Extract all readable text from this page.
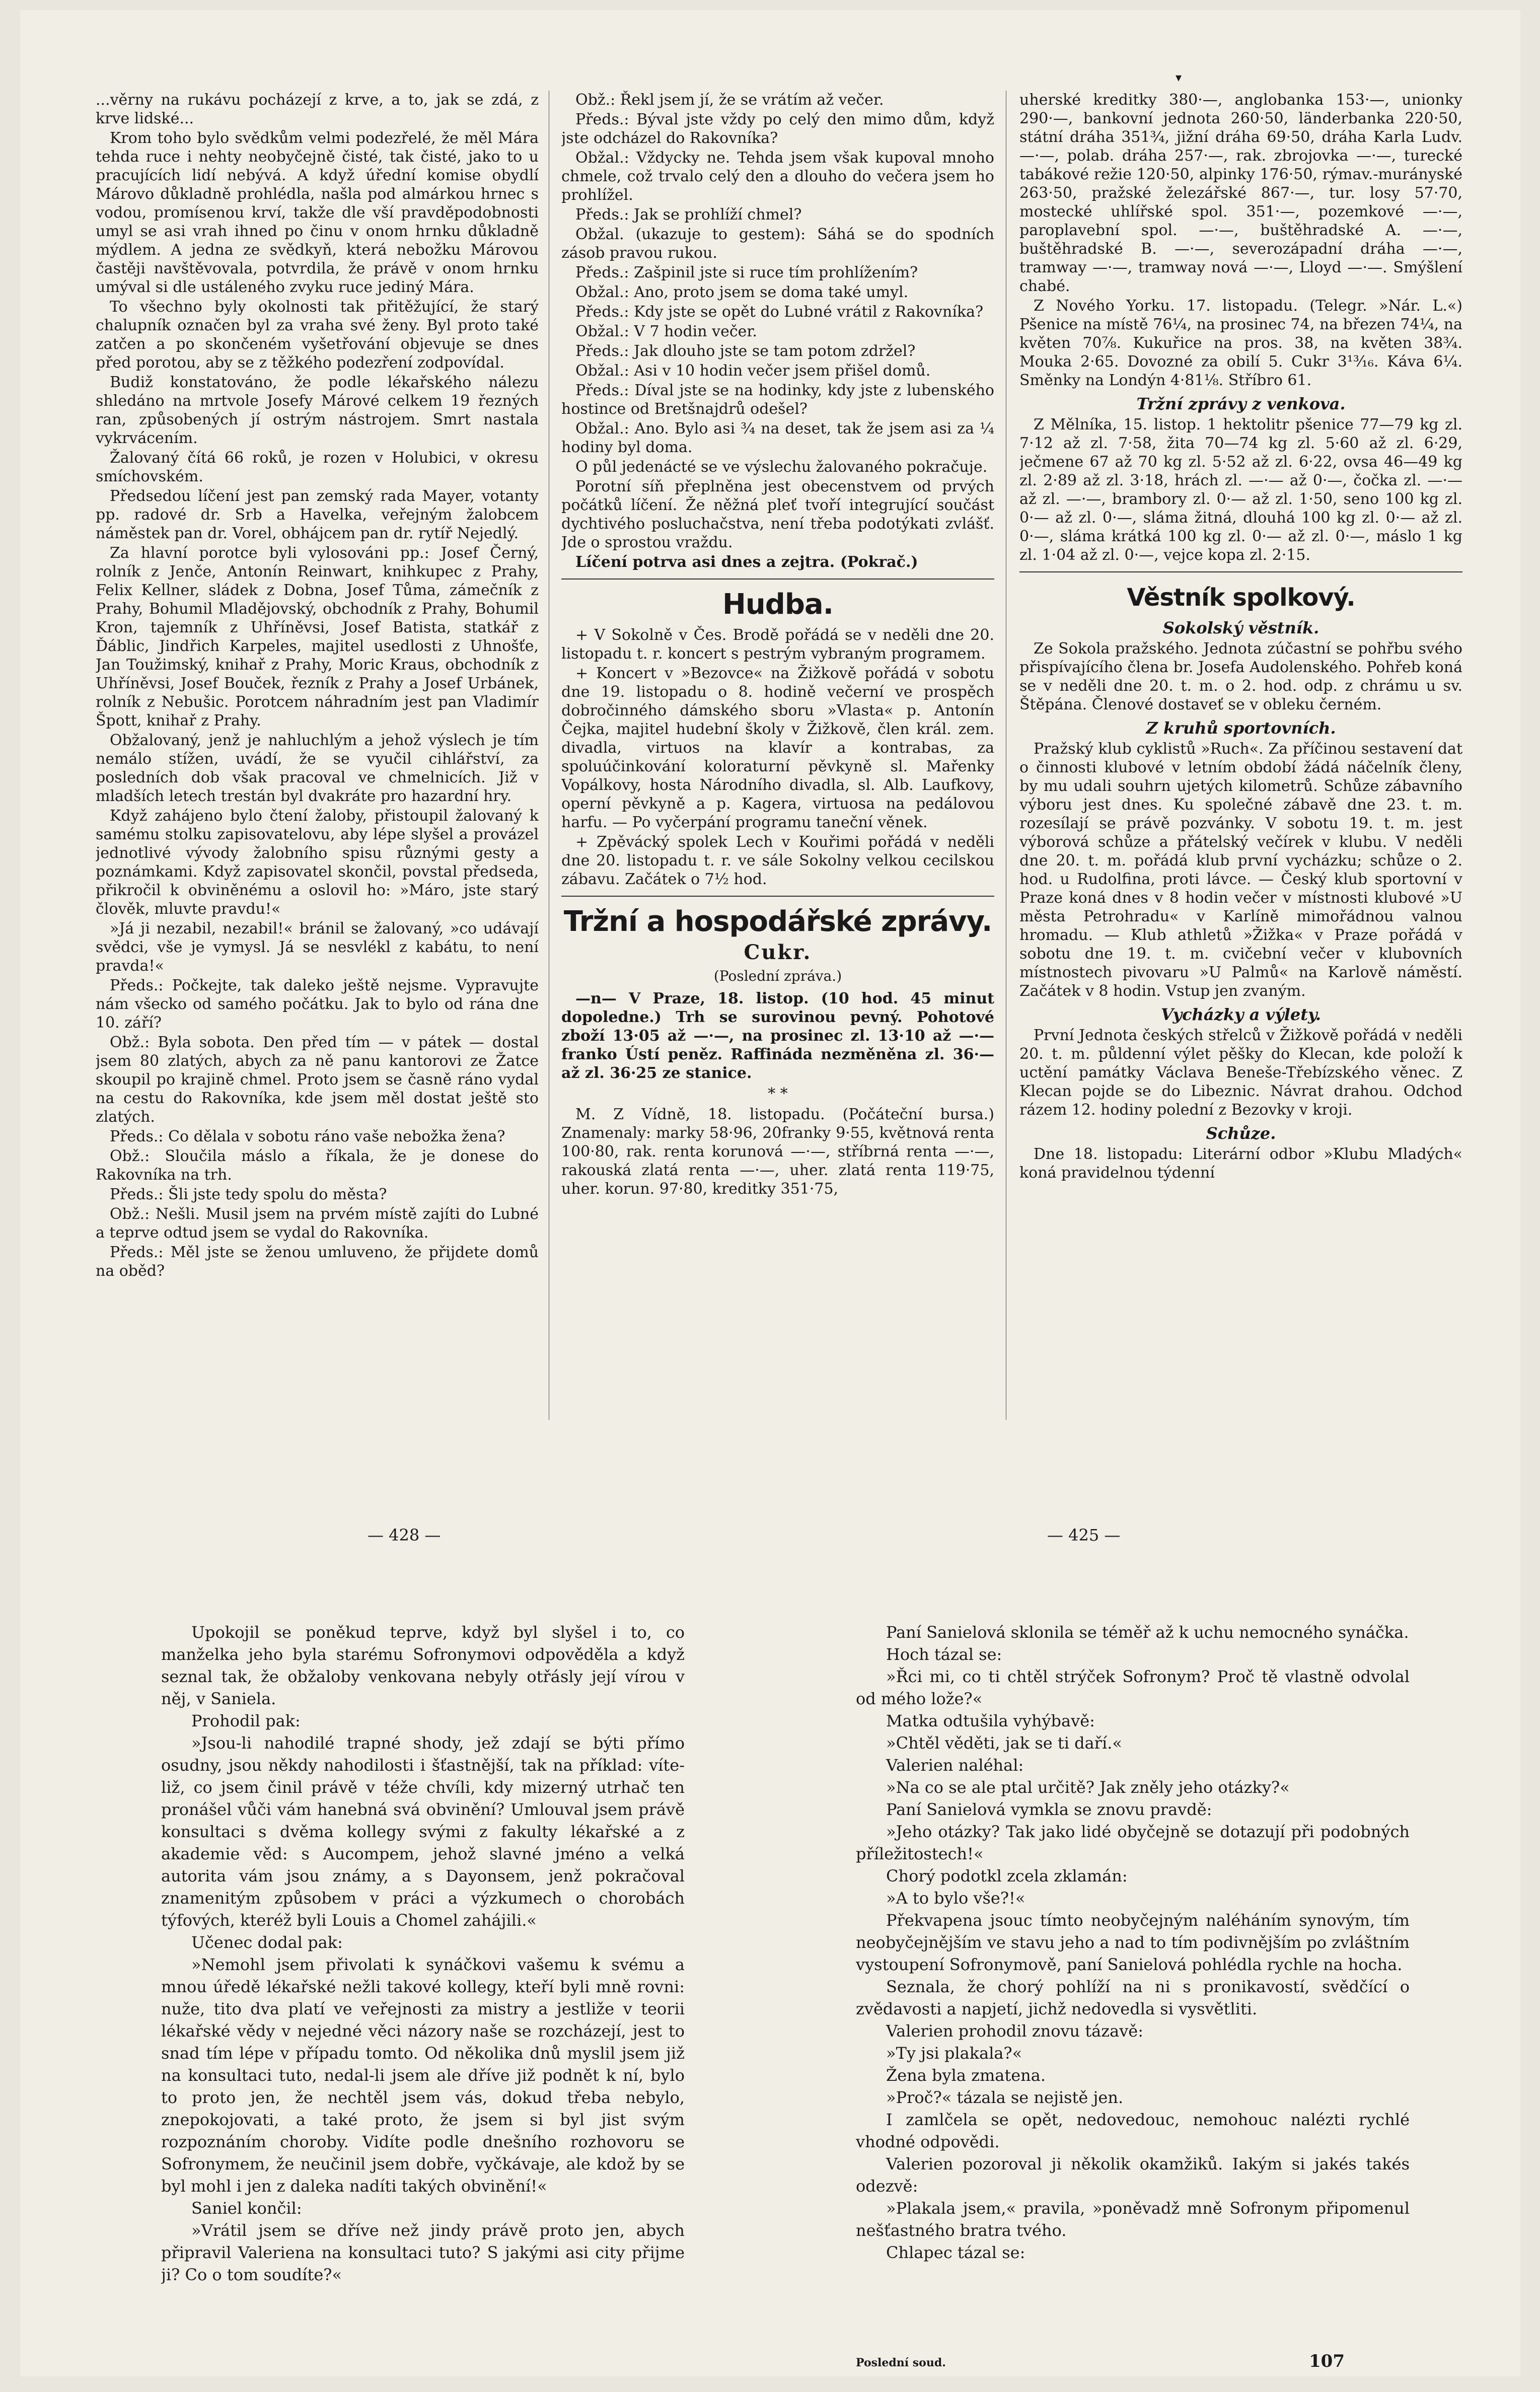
▾

...věrny na rukávu pocházejí z krve, a to, jak se zdá, z krve lidské...

Krom toho bylo svědkům velmi podezřelé, že měl Mára tehda ruce i nehty neobyčejně čisté, tak čisté, jako to u pracujících lidí nebývá. A když úřední komise obydlí Márovo důkladně prohlédla, našla pod almárkou hrnec s vodou, promísenou krví, takže dle vší pravděpodobnosti umyl se asi vrah ihned po činu v onom hrnku důkladně mýdlem. A jedna ze svědkyň, která nebožku Márovou častěji navštěvovala, potvrdila, že právě v onom hrnku umýval si dle ustáleného zvyku ruce jediný Mára.

To všechno byly okolnosti tak přitěžující, že starý chalupník označen byl za vraha své ženy. Byl proto také zatčen a po skončeném vyšetřování objevuje se dnes před porotou, aby se z těžkého podezření zodpovídal.

Budiž konstatováno, že podle lékařského nálezu shledáno na mrtvole Josefy Márové celkem 19 řezných ran, způsobených jí ostrým nástrojem. Smrt nastala vykrvácením.

Žalovaný čítá 66 roků, je rozen v Holubici, v okresu smíchovském.

Předsedou líčení jest pan zemský rada Mayer, votanty pp. radové dr. Srb a Havelka, veřejným žalobcem náměstek pan dr. Vorel, obhájcem pan dr. rytíř Nejedlý.

Za hlavní porotce byli vylosováni pp.: Josef Černý, rolník z Jenče, Antonín Reinwart, knihkupec z Prahy, Felix Kellner, sládek z Dobna, Josef Tůma, zámečník z Prahy, Bohumil Mladějovský, obchodník z Prahy, Bohumil Kron, tajemník z Uhříněvsi, Josef Batista, statkář z Ďáblic, Jindřich Karpeles, majitel usedlosti z Uhnošťe, Jan Toužimský, knihař z Prahy, Moric Kraus, obchodník z Uhříněvsi, Josef Bouček, řezník z Prahy a Josef Urbánek, rolník z Nebušic. Porotcem náhradním jest pan Vladimír Špott, knihař z Prahy.

Obžalovaný, jenž je nahluchlým a jehož výslech je tím nemálo stížen, uvádí, že se vyučil cihlářství, za posledních dob však pracoval ve chmelnicích. Již v mladších letech trestán byl dvakráte pro hazardní hry.

Když zahájeno bylo čtení žaloby, přistoupil žalovaný k samému stolku zapisovatelovu, aby lépe slyšel a provázel jednotlivé vývody žalobního spisu různými gesty a poznámkami. Když zapisovatel skončil, povstal předseda, přikročil k obviněnému a oslovil ho: »Máro, jste starý člověk, mluvte pravdu!«

»Já ji nezabil, nezabil!« bránil se žalovaný, »co udávají svědci, vše je vymysl. Já se nesvlékl z kabátu, to není pravda!«

Předs.: Počkejte, tak daleko ještě nejsme. Vypravujte nám všecko od samého počátku. Jak to bylo od rána dne 10. září?

Obž.: Byla sobota. Den před tím — v pátek — dostal jsem 80 zlatých, abych za ně panu kantorovi ze Žatce skoupil po krajině chmel. Proto jsem se časně ráno vydal na cestu do Rakovníka, kde jsem měl dostat ještě sto zlatých.

Předs.: Co dělala v sobotu ráno vaše nebožka žena?

Obž.: Sloučila máslo a říkala, že je donese do Rakovníka na trh.

Předs.: Šli jste tedy spolu do města?

Obž.: Nešli. Musil jsem na prvém místě zajíti do Lubné a teprve odtud jsem se vydal do Rakovníka.

Předs.: Měl jste se ženou umluveno, že přijdete domů na oběd?

Obž.: Řekl jsem jí, že se vrátím až večer.

Předs.: Býval jste vždy po celý den mimo dům, když jste odcházel do Rakovníka?

Obžal.: Vždycky ne. Tehda jsem však kupoval mnoho chmele, což trvalo celý den a dlouho do večera jsem ho prohlížel.

Předs.: Jak se prohlíží chmel?

Obžal. (ukazuje to gestem): Sáhá se do spodních zásob pravou rukou.

Předs.: Zašpinil jste si ruce tím prohlížením?

Obžal.: Ano, proto jsem se doma také umyl.

Předs.: Kdy jste se opět do Lubné vrátil z Rakovníka?

Obžal.: V 7 hodin večer.

Předs.: Jak dlouho jste se tam potom zdržel?

Obžal.: Asi v 10 hodin večer jsem přišel domů.

Předs.: Díval jste se na hodinky, kdy jste z lubenského hostince od Bretšnajdrů odešel?

Obžal.: Ano. Bylo asi ¾ na deset, tak že jsem asi za ¼ hodiny byl doma.

O půl jedenácté se ve výslechu žalovaného pokračuje.

Porotní síň přeplněna jest obecenstvem od prvých počátků líčení. Že něžná pleť tvoří integrující součást dychtivého posluchačstva, není třeba podotýkati zvlášť. Jde o sprostou vraždu.

Líčení potrva asi dnes a zejtra. (Pokrač.)

Hudba.

+ V Sokolně v Čes. Brodě pořádá se v neděli dne 20. listopadu t. r. koncert s pestrým vybraným programem.

+ Koncert v »Bezovce« na Žižkově pořádá v sobotu dne 19. listopadu o 8. hodině večerní ve prospěch dobročinného dámského sboru »Vlasta« p. Antonín Čejka, majitel hudební školy v Žižkově, člen král. zem. divadla, virtuos na klavír a kontrabas, za spoluúčinkování koloraturní pěvkyně sl. Mařenky Vopálkovy, hosta Národního divadla, sl. Alb. Laufkovy, operní pěvkyně a p. Kagera, virtuosa na pedálovou harfu. — Po vyčerpání programu taneční věnek.

+ Zpěvácký spolek Lech v Kouřimi pořádá v neděli dne 20. listopadu t. r. ve sále Sokolny velkou cecilskou zábavu. Začátek o 7½ hod.

Tržní a hospodářské zprávy.
Cukr.
(Poslední zpráva.)

—n— V Praze, 18. listop. (10 hod. 45 minut dopoledne.) Trh se surovinou pevný. Pohotové zboží 13·05 až —·—, na prosinec zl. 13·10 až —·— franko Ústí peněz. Raffináda nezměněna zl. 36·— až zl. 36·25 ze stanice.

* *

M. Z Vídně, 18. listopadu. (Počáteční bursa.) Znamenaly: marky 58·96, 20franky 9·55, květnová renta 100·80, rak. renta korunová —·—, stříbrná renta —·—, rakouská zlatá renta —·—, uher. zlatá renta 119·75, uher. korun. 97·80, kreditky 351·75,

uherské kreditky 380·—, anglobanka 153·—, unionky 290·—, bankovní jednota 260·50, länderbanka 220·50, státní dráha 351¾, jižní dráha 69·50, dráha Karla Ludv. —·—, polab. dráha 257·—, rak. zbrojovka —·—, turecké tabákové režie 120·50, alpinky 176·50, rýmav.-murányské 263·50, pražské železářské 867·—, tur. losy 57·70, mostecké uhlířské spol. 351·—, pozemkové —·—, paroplavební spol. —·—, buštěhradské A. —·—, buštěhradské B. —·—, severozápadní dráha —·—, tramway —·—, tramway nová —·—, Lloyd —·—. Smýšlení chabé.

Z Nového Yorku. 17. listopadu. (Telegr. »Nár. L.«) Pšenice na místě 76¼, na prosinec 74, na březen 74¼, na květen 70⅞. Kukuřice na pros. 38, na květen 38¾. Mouka 2·65. Dovozné za obilí 5. Cukr 3¹³⁄₁₆. Káva 6¼. Směnky na Londýn 4·81⅛. Stříbro 61.

Tržní zprávy z venkova.

Z Mělníka, 15. listop. 1 hektolitr pšenice 77—79 kg zl. 7·12 až zl. 7·58, žita 70—74 kg zl. 5·60 až zl. 6·29, ječmene 67 až 70 kg zl. 5·52 až zl. 6·22, ovsa 46—49 kg zl. 2·89 až zl. 3·18, hrách zl. —·— až 0·—, čočka zl. —·— až zl. —·—, brambory zl. 0·— až zl. 1·50, seno 100 kg zl. 0·— až zl. 0·—, sláma žitná, dlouhá 100 kg zl. 0·— až zl. 0·—, sláma krátká 100 kg zl. 0·— až zl. 0·—, máslo 1 kg zl. 1·04 až zl. 0·—, vejce kopa zl. 2·15.

Věstník spolkový.
Sokolský věstník.

Ze Sokola pražského. Jednota zúčastní se pohřbu svého přispívajícího člena br. Josefa Audolenského. Pohřeb koná se v neděli dne 20. t. m. o 2. hod. odp. z chrámu u sv. Štěpána. Členové dostaveť se v obleku černém.

Z kruhů sportovních.

Pražský klub cyklistů »Ruch«. Za příčinou sestavení dat o činnosti klubové v letním období žádá náčelník členy, by mu udali souhrn ujetých kilometrů. Schůze zábavního výboru jest dnes. Ku společné zábavě dne 23. t. m. rozesílají se právě pozvánky. V sobotu 19. t. m. jest výborová schůze a přátelský večírek v klubu. V neděli dne 20. t. m. pořádá klub první vycházku; schůze o 2. hod. u Rudolfina, proti lávce. — Český klub sportovní v Praze koná dnes v 8 hodin večer v místnosti klubové »U města Petrohradu« v Karlíně mimořádnou valnou hromadu. — Klub athletů »Žižka« v Praze pořádá v sobotu dne 19. t. m. cvičební večer v klubovních místnostech pivovaru »U Palmů« na Karlově náměstí. Začátek v 8 hodin. Vstup jen zvaným.

Vycházky a výlety.

První Jednota českých střelců v Žižkově pořádá v neděli 20. t. m. půldenní výlet pěšky do Klecan, kde položí k uctění památky Václava Beneše-Třebízského věnec. Z Klecan pojde se do Libeznic. Návrat drahou. Odchod rázem 12. hodiny polední z Bezovky v kroji.

Schůze.

Dne 18. listopadu: Literární odbor »Klubu Mladých« koná pravidelnou týdenní

— 428 —	— 425 —

Upokojil se poněkud teprve, když byl slyšel i to, co manželka jeho byla starému Sofronymovi odpověděla a když seznal tak, že obžaloby venkovana nebyly otřásly její vírou v něj, v Saniela.

Prohodil pak:

»Jsou-li nahodilé trapné shody, jež zdají se býti přímo osudny, jsou někdy nahodilosti i šťastnější, tak na příklad: víte-liž, co jsem činil právě v téže chvíli, kdy mizerný utrhač ten pronášel vůči vám hanebná svá obvinění? Umlouval jsem právě konsultaci s dvěma kollegy svými z fakulty lékařské a z akademie věd: s Aucompem, jehož slavné jméno a velká autorita vám jsou známy, a s Dayonsem, jenž pokračoval znamenitým způsobem v práci a výzkumech o chorobách týfových, kteréž byli Louis a Chomel zahájili.«

Učenec dodal pak:

»Nemohl jsem přivolati k synáčkovi vašemu k svému a mnou úředě lékařské nežli takové kollegy, kteří byli mně rovni: nuže, tito dva platí ve veřejnosti za mistry a jestliže v teorii lékařské vědy v nejedné věci názory naše se rozcházejí, jest to snad tím lépe v případu tomto. Od několika dnů myslil jsem již na konsultaci tuto, nedal-li jsem ale dříve již podnět k ní, bylo to proto jen, že nechtěl jsem vás, dokud třeba nebylo, znepokojovati, a také proto, že jsem si byl jist svým rozpoznáním choroby. Vidíte podle dnešního rozhovoru se Sofronymem, že neučinil jsem dobře, vyčkávaje, ale kdož by se byl mohl i jen z daleka nadíti takých obvinění!«

Saniel končil:

»Vrátil jsem se dříve než jindy právě proto jen, abych připravil Valeriena na konsultaci tuto? S jakými asi city přijme ji? Co o tom soudíte?«

Paní Sanielová sklonila se téměř až k uchu nemocného synáčka.

Hoch tázal se:

»Řci mi, co ti chtěl strýček Sofronym? Proč tě vlastně odvolal od mého lože?«

Matka odtušila vyhýbavě:

»Chtěl věděti, jak se ti daří.«

Valerien naléhal:

»Na co se ale ptal určitě? Jak zněly jeho otázky?«

Paní Sanielová vymkla se znovu pravdě:

»Jeho otázky? Tak jako lidé obyčejně se dotazují při podobných příležitostech!«

Chorý podotkl zcela zklamán:

»A to bylo vše?!«

Překvapena jsouc tímto neobyčejným naléháním synovým, tím neobyčejnějším ve stavu jeho a nad to tím podivnějším po zvláštním vystoupení Sofronymově, paní Sanielová pohlédla rychle na hocha.

Seznala, že chorý pohlíží na ni s pronikavostí, svědčící o zvědavosti a napjetí, jichž nedovedla si vysvětliti.

Valerien prohodil znovu tázavě:

»Ty jsi plakala?«

Žena byla zmatena.

»Proč?« tázala se nejistě jen.

I zamlčela se opět, nedovedouc, nemohouc nalézti rychlé vhodné odpovědi.

Valerien pozoroval ji několik okamžiků. Iakým si jakés takés odezvě:

»Plakala jsem,« pravila, »poněvadž mně Sofronym připomenul nešťastného bratra tvého.

Chlapec tázal se:

Poslední soud.	107
